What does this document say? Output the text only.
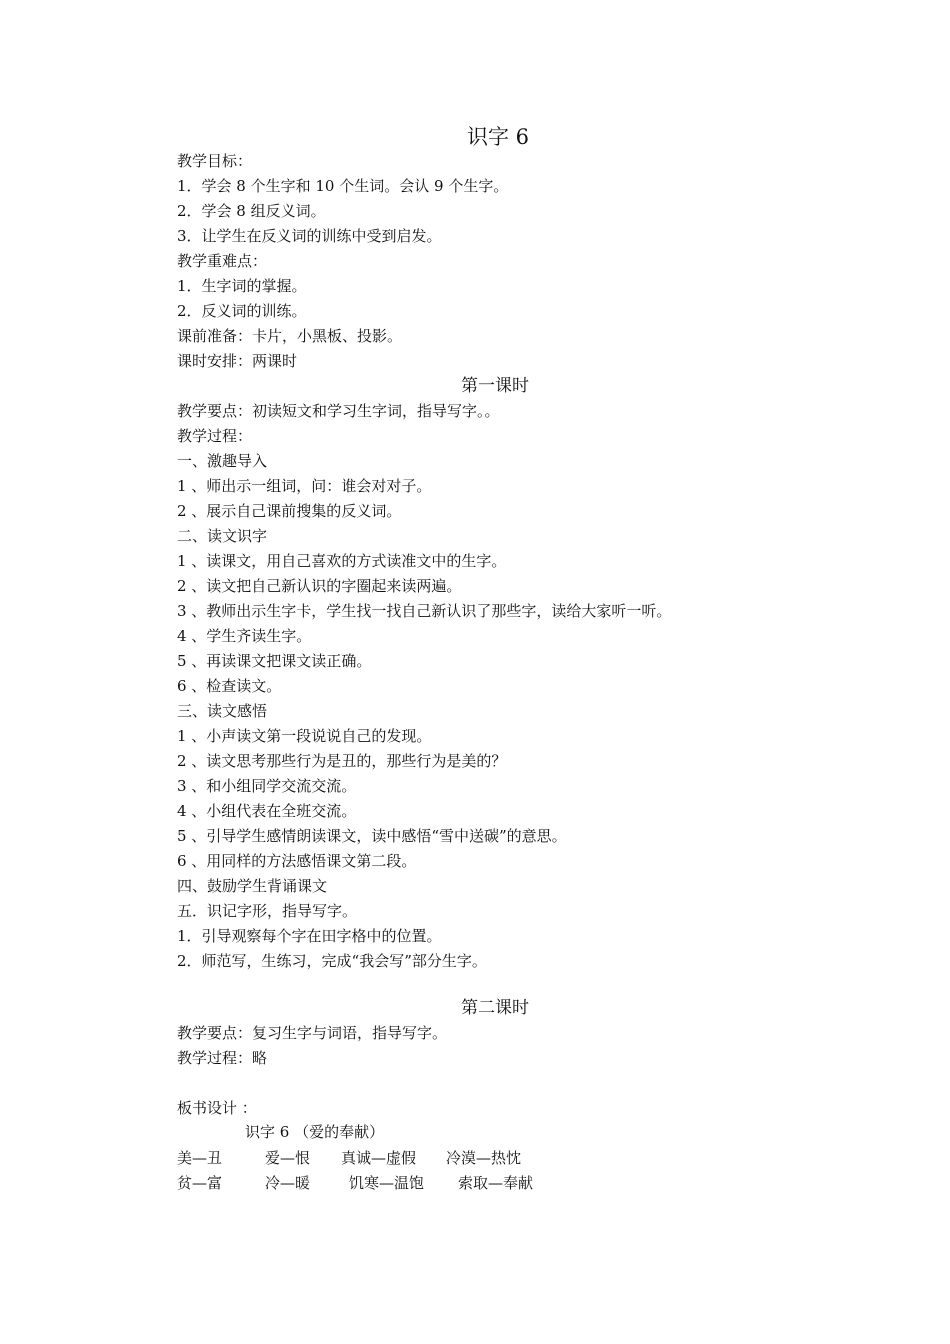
识字 6

教学目标：

1．学会 8 个生字和 10 个生词。会认 9 个生字。

2．学会 8 组反义词。

3．让学生在反义词的训练中受到启发。

教学重难点：

1．生字词的掌握。

2．反义词的训练。

课前准备：卡片，小黑板、投影。

课时安排：两课时

第一课时

教学要点：初读短文和学习生字词，指导写字。。

教学过程：

一、激趣导入

1 、师出示一组词，问：谁会对对子。

2 、展示自己课前搜集的反义词。

二、读文识字

1 、读课文，用自己喜欢的方式读准文中的生字。

2 、读文把自己新认识的字圈起来读两遍。

3 、教师出示生字卡，学生找一找自己新认识了那些字，读给大家听一听。

4 、学生齐读生字。

5 、再读课文把课文读正确。

6 、检查读文。

三、读文感悟

1 、小声读文第一段说说自己的发现。

2 、读文思考那些行为是丑的，那些行为是美的？

3 、和小组同学交流交流。

4 、小组代表在全班交流。

5 、引导学生感情朗读课文，读中感悟“雪中送碳”的意思。

6 、用同样的方法感悟课文第二段。

四、鼓励学生背诵课文

五．识记字形，指导写字。

1．引导观察每个字在田字格中的位置。

2．师范写，生练习，完成“我会写”部分生字。

第二课时

教学要点：复习生字与词语，指导写字。

教学过程：略

板书设计 ：

识字 6 （爱的奉献）

美—丑	爱—恨 真诚—虚假 冷漠—热忱
贫—富	冷—暖	饥寒—温饱 索取—奉献
